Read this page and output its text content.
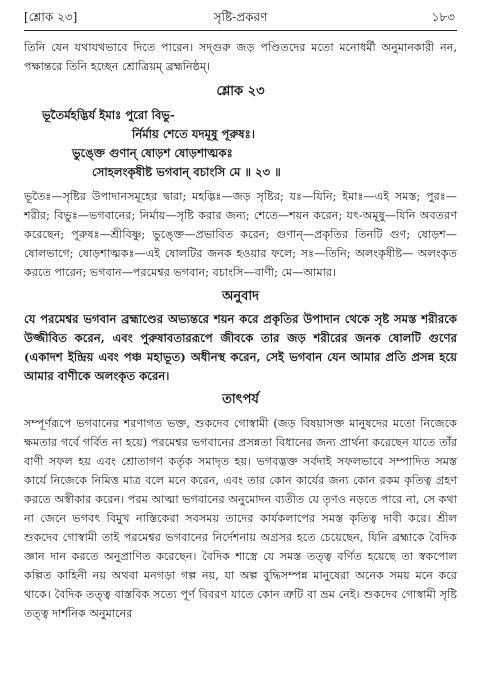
[শ্লোক ২৩]	সৃষ্টি-প্রকরণ	১৮৩

তিনি যেন যথাযথভাবে দিতে পারেন। সদ্গুরু জড় পণ্ডিতদের মতো মনোধর্মী অনুমানকারী নন, পক্ষান্তরে তিনি হচ্ছেন শ্রোত্রিয়ম্ ব্রহ্মনিষ্ঠম্।

শ্লোক ২৩
ভূতৈর্মহদ্ভির্য ইমাঃ পুরো বিভু-
র্নির্মায় শেতে যদমূষু পূরুষঃ।
ভুঙ্ক্তে গুণান্ ষোড়শ ষোড়শাত্মকঃ
সোহলংকৃষীষ্ট ভগবান্ বচাংসি মে ॥ ২৩ ॥

ভূতৈঃ—সৃষ্টির উপাদানসমূহের দ্বারা; মহদ্ভিঃ—জড় সৃষ্টির; যঃ—যিনি; ইমাঃ—এই সমস্ত; পুরঃ—শরীর; বিভুঃ—ভগবানের; নির্মায়—সৃষ্টি করার জন্য; শেতে—শয়ন করেন; যৎ-অমূষু—যিনি অবতরণ করেছেন; পূরুষঃ—শ্রীবিষ্ণু; ভুঙ্ক্তে—প্রভাবিত করেন; গুণান্—প্রকৃতির তিনটি গুণ; ষোড়শ—ষোলভাগে; ষোড়শাত্মকঃ—এই ষোলটির জনক হওয়ার ফলে; সঃ—তিনি; অলংকৃষীষ্ট— অলংকৃত করতে পারেন; ভগবান—পরমেশ্বর ভগবান; বচাংসি—বাণী; মে—আমার।

অনুবাদ

যে পরমেশ্বর ভগবান ব্রহ্মাণ্ডের অভ্যন্তরে শয়ন করে প্রকৃতির উপাদান থেকে সৃষ্ট সমস্ত শরীরকে উজ্জীবিত করেন, এবং পুরুষাবতাররূপে জীবকে তার জড় শরীরের জনক ষোলটি গুণের (একাদশ ইন্দ্রিয় এবং পঞ্চ মহাভূত) অধীনস্থ করেন, সেই ভগবান যেন আমার প্রতি প্রসন্ন হয়ে আমার বাণীকে অলংকৃত করেন।

তাৎপর্য

সম্পূর্ণরূপে ভগবানের শরণাগত ভক্ত, শুকদেব গোস্বামী (জড় বিষয়াসক্ত মানুষদের মতো নিজেকে ক্ষমতার গর্বে গর্বিত না হয়ে) পরমেশ্বর ভগবানের প্রসন্নতা বিধানের জন্য প্রার্থনা করেছেন যাতে তাঁর বাণী সফল হয় এবং শ্রোতাগণ কর্তৃক সমাদৃত হয়। ভগবদ্ভক্ত সর্বদাই সফলভাবে সম্পাদিত সমস্ত কার্যে নিজেকে নিমিত্ত মাত্র বলে মনে করেন, এবং তার কোন কার্যের জন্য কোন রকম কৃতিত্ব গ্রহণ করতে অস্বীকার করেন। পরম আত্মা ভগবানের অনুমোদন ব্যতীত যে তৃণও নড়তে পারে না, সে কথা না জেনে ভগবৎ বিমুখ নাস্তিকেরা সবসময় তাদের কার্যকলাপের সমস্ত কৃতিত্ব দাবী করে। শ্রীল শুকদেব গোস্বামী তাই পরমেশ্বর ভগবানের নির্দেশনায় অগ্রসর হতে চেয়েছেন, যিনি ব্রহ্মাকে বৈদিক জ্ঞান দান করতে অনুপ্রাণিত করেছেন। বৈদিক শাস্ত্রে যে সমস্ত তত্ত্ব বর্ণিত হয়েছে তা স্বকপোল কল্পিত কাহিনী নয় অথবা মনগড়া গল্প নয়, যা অল্প বুদ্ধিসম্পন্ন মানুষেরা অনেক সময় মনে করে থাকে। বৈদিক তত্ত্ব বাস্তবিক সত্যে পূর্ণ বিবরণ যাতে কোন ত্রুটি বা ভ্রম নেই। শুকদেব গোস্বামী সৃষ্টি তত্ত্ব দার্শনিক অনুমানের
